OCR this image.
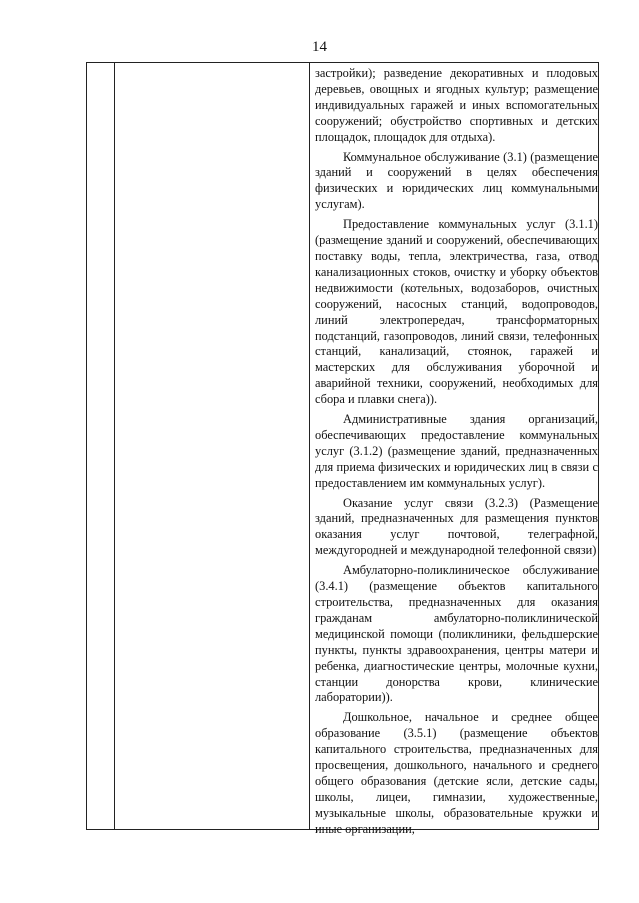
14

застройки); разведение декоративных и плодовых деревьев, овощных и ягодных культур; размещение индивидуальных гаражей и иных вспомогательных сооружений; обустройство спортивных и детских площадок, площадок для отдыха).

Коммунальное обслуживание (3.1) (размещение зданий и сооружений в целях обеспечения физических и юридических лиц коммунальными услугам).

Предоставление коммунальных услуг (3.1.1) (размещение зданий и сооружений, обеспечивающих поставку воды, тепла, электричества, газа, отвод канализационных стоков, очистку и уборку объектов недвижимости (котельных, водозаборов, очистных сооружений, насосных станций, водопроводов, линий электропередач, трансформаторных подстанций, газопроводов, линий связи, телефонных станций, канализаций, стоянок, гаражей и мастерских для обслуживания уборочной и аварийной техники, сооружений, необходимых для сбора и плавки снега)).

Административные здания организаций, обеспечивающих предоставление коммунальных услуг (3.1.2) (размещение зданий, предназначенных для приема физических и юридических лиц в связи с предоставлением им коммунальных услуг).

Оказание услуг связи (3.2.3) (Размещение зданий, предназначенных для размещения пунктов оказания услуг почтовой, телеграфной, междугородней и международной телефонной связи)

Амбулаторно-поликлиническое обслуживание (3.4.1) (размещение объектов капитального строительства, предназначенных для оказания гражданам амбулаторно-поликлинической медицинской помощи (поликлиники, фельдшерские пункты, пункты здравоохранения, центры матери и ребенка, диагностические центры, молочные кухни, станции донорства крови, клинические лаборатории)).

Дошкольное, начальное и среднее общее образование (3.5.1) (размещение объектов капитального строительства, предназначенных для просвещения, дошкольного, начального и среднего общего образования (детские ясли, детские сады, школы, лицеи, гимназии, художественные, музыкальные школы, образовательные кружки и иные организации,
